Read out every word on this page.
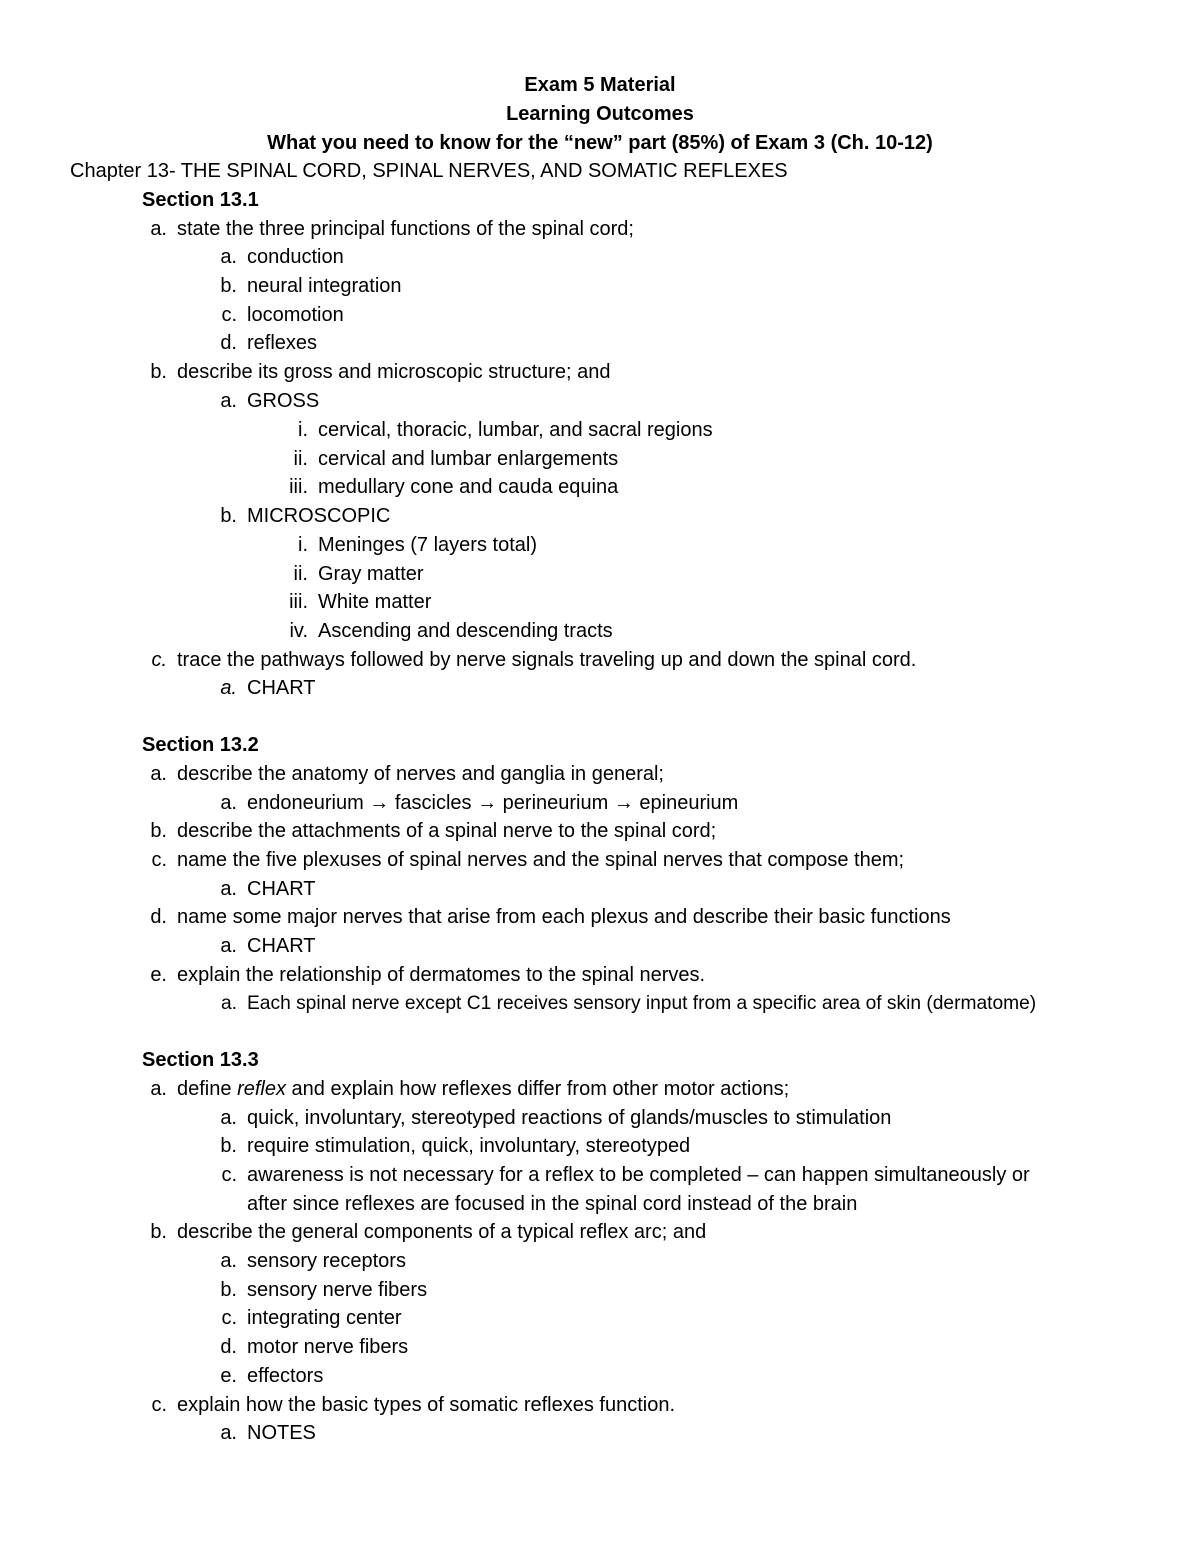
Exam 5 Material
Learning Outcomes
What you need to know for the “new” part (85%) of Exam 3 (Ch. 10-12)
Chapter 13- THE SPINAL CORD, SPINAL NERVES, AND SOMATIC REFLEXES
Section 13.1
a. state the three principal functions of the spinal cord;
a. conduction
b. neural integration
c. locomotion
d. reflexes
b. describe its gross and microscopic structure; and
a. GROSS
i. cervical, thoracic, lumbar, and sacral regions
ii. cervical and lumbar enlargements
iii. medullary cone and cauda equina
b. MICROSCOPIC
i. Meninges (7 layers total)
ii. Gray matter
iii. White matter
iv. Ascending and descending tracts
c. trace the pathways followed by nerve signals traveling up and down the spinal cord.
a. CHART
Section 13.2
a. describe the anatomy of nerves and ganglia in general;
a. endoneurium → fascicles → perineurium → epineurium
b. describe the attachments of a spinal nerve to the spinal cord;
c. name the five plexuses of spinal nerves and the spinal nerves that compose them;
a. CHART
d. name some major nerves that arise from each plexus and describe their basic functions
a. CHART
e. explain the relationship of dermatomes to the spinal nerves.
a. Each spinal nerve except C1 receives sensory input from a specific area of skin (dermatome)
Section 13.3
a. define reflex and explain how reflexes differ from other motor actions;
a. quick, involuntary, stereotyped reactions of glands/muscles to stimulation
b. require stimulation, quick, involuntary, stereotyped
c. awareness is not necessary for a reflex to be completed – can happen simultaneously or
after since reflexes are focused in the spinal cord instead of the brain
b. describe the general components of a typical reflex arc; and
a. sensory receptors
b. sensory nerve fibers
c. integrating center
d. motor nerve fibers
e. effectors
c. explain how the basic types of somatic reflexes function.
a. NOTES
